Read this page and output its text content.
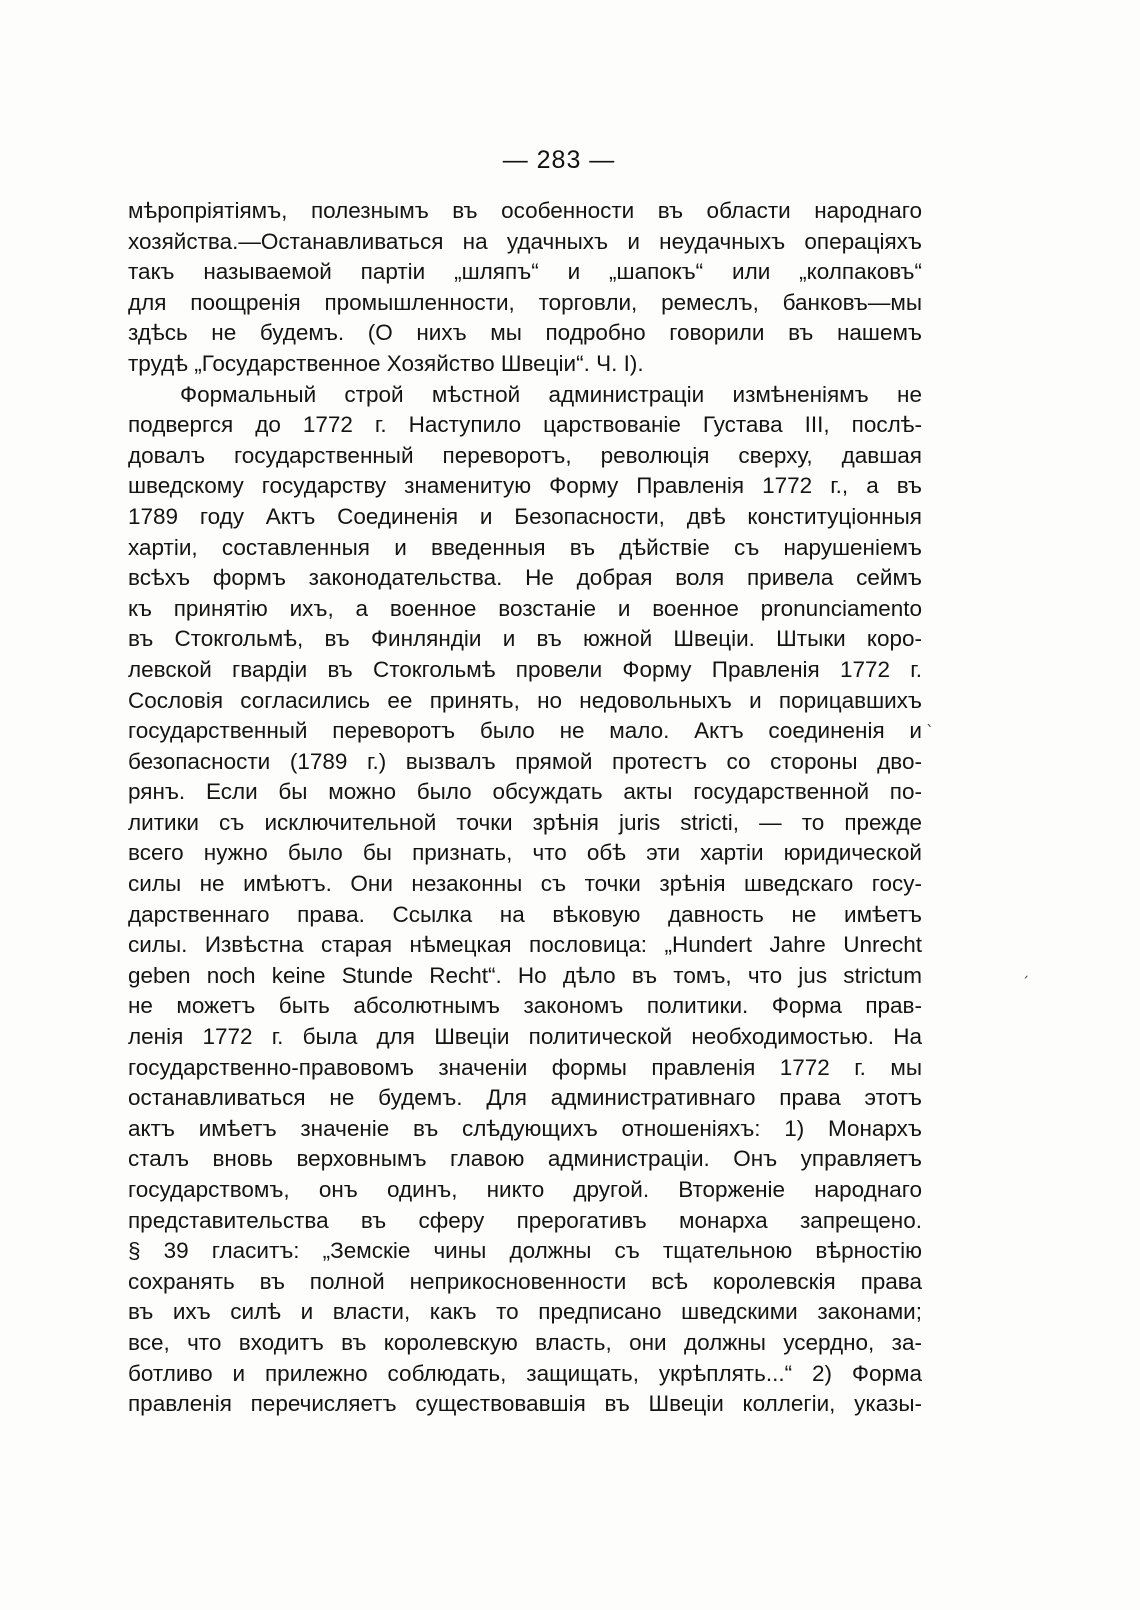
— 283 —
мѣропріятіямъ, полезнымъ въ особенности въ области народнаго
хозяйства.—Останавливаться на удачныхъ и неудачныхъ операціяхъ
такъ называемой партіи „шляпъ“ и „шапокъ“ или „колпаковъ“
для поощренія промышленности, торговли, ремеслъ, банковъ—мы
здѣсь не будемъ. (О нихъ мы подробно говорили въ нашемъ
трудѣ „Государственное Хозяйство Швеціи“. Ч. I).
Формальный строй мѣстной администраціи измѣненіямъ не
подвергся до 1772 г. Наступило царствованіе Густава III, послѣ-
довалъ государственный переворотъ, революція сверху, давшая
шведскому государству знаменитую Форму Правленія 1772 г., а въ
1789 году Актъ Соединенія и Безопасности, двѣ конституціонныя
хартіи, составленныя и введенныя въ дѣйствіе съ нарушеніемъ
всѣхъ формъ законодательства. Не добрая воля привела сеймъ
къ принятію ихъ, а военное возстаніе и военное pronunciamento
въ Стокгольмѣ, въ Финляндіи и въ южной Швеціи. Штыки коро-
левской гвардіи въ Стокгольмѣ провели Форму Правленія 1772 г.
Сословія согласились ее принять, но недовольныхъ и порицавшихъ
государственный переворотъ было не мало. Актъ соединенія и
безопасности (1789 г.) вызвалъ прямой протестъ со стороны дво-
рянъ. Если бы можно было обсуждать акты государственной по-
литики съ исключительной точки зрѣнія juris stricti, — то прежде
всего нужно было бы признать, что обѣ эти хартіи юридической
силы не имѣютъ. Они незаконны съ точки зрѣнія шведскаго госу-
дарственнаго права. Ссылка на вѣковую давность не имѣетъ
силы. Извѣстна старая нѣмецкая пословица: „Hundert Jahre Unrecht
geben noch keine Stunde Recht“. Но дѣло въ томъ, что jus strictum
не можетъ быть абсолютнымъ закономъ политики. Форма прав-
ленія 1772 г. была для Швеціи политической необходимостью. На
государственно-правовомъ значеніи формы правленія 1772 г. мы
останавливаться не будемъ. Для административнаго права этотъ
актъ имѣетъ значеніе въ слѣдующихъ отношеніяхъ: 1) Монархъ
сталъ вновь верховнымъ главою администраціи. Онъ управляетъ
государствомъ, онъ одинъ, никто другой. Вторженіе народнаго
представительства въ сферу прерогативъ монарха запрещено.
§ 39 гласитъ: „Земскіе чины должны съ тщательною вѣрностію
сохранять въ полной неприкосновенности всѣ королевскія права
въ ихъ силѣ и власти, какъ то предписано шведскими законами;
все, что входитъ въ королевскую власть, они должны усердно, за-
ботливо и прилежно соблюдать, защищать, укрѣплять...“ 2) Форма
правленія перечисляетъ существовавшія въ Швеціи коллегіи, указы-
ˎ
ˏ
